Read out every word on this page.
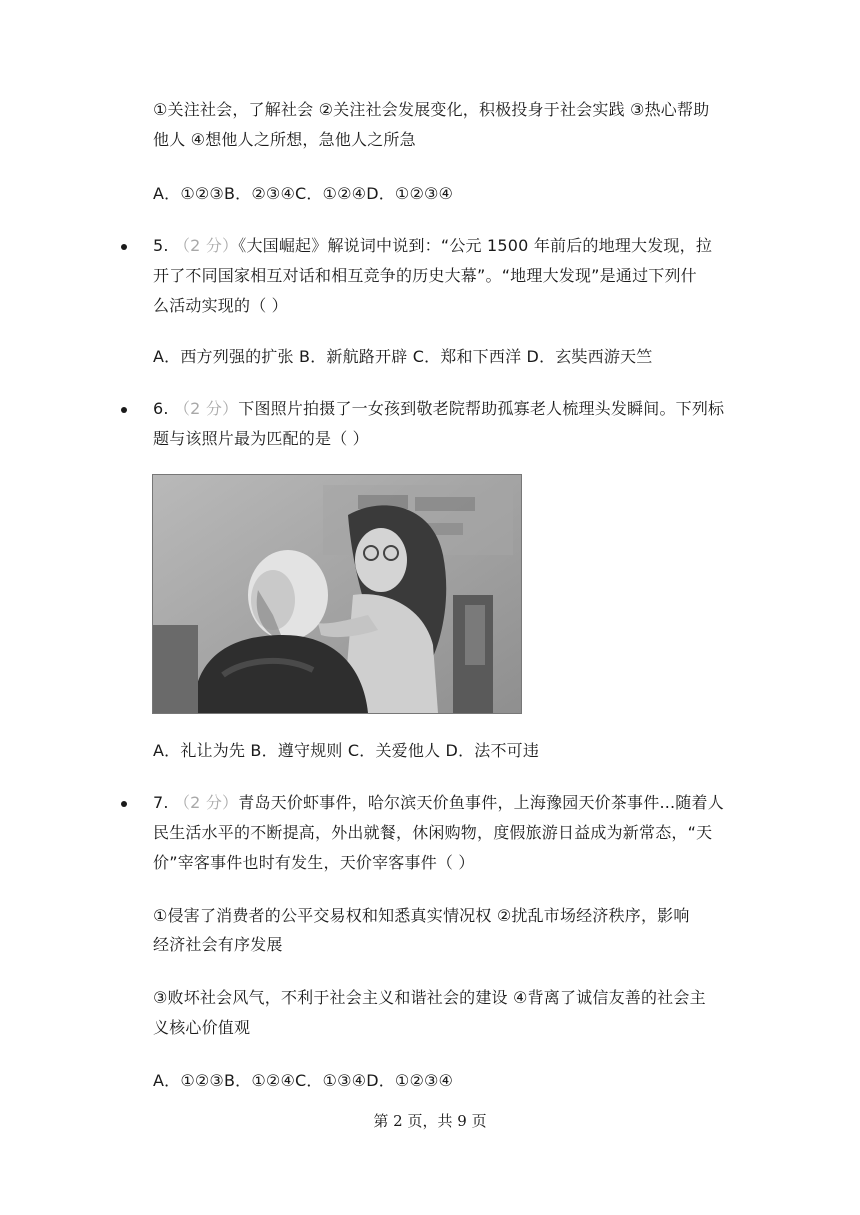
①关注社会，了解社会 ②关注社会发展变化，积极投身于社会实践 ③热心帮助
他人 ④想他人之所想，急他人之所急
A．①②③B．②③④C．①②④D．①②③④
5. （2 分）《大国崛起》解说词中说到：“公元 1500 年前后的地理大发现，拉
开了不同国家相互对话和相互竞争的历史大幕”。“地理大发现”是通过下列什
么活动实现的（ ）
A．西方列强的扩张 B．新航路开辟 C．郑和下西洋 D．玄奘西游天竺
6. （2 分）下图照片拍摄了一女孩到敬老院帮助孤寡老人梳理头发瞬间。下列标
题与该照片最为匹配的是（ ）
A．礼让为先 B．遵守规则 C．关爱他人 D．法不可违
7. （2 分）青岛天价虾事件，哈尔滨天价鱼事件，上海豫园天价茶事件...随着人
民生活水平的不断提高，外出就餐，休闲购物，度假旅游日益成为新常态，“天
价”宰客事件也时有发生，天价宰客事件（ ）
①侵害了消费者的公平交易权和知悉真实情况权 ②扰乱市场经济秩序，影响
经济社会有序发展
③败坏社会风气，不利于社会主义和谐社会的建设 ④背离了诚信友善的社会主
义核心价值观
A．①②③B．①②④C．①③④D．①②③④
第 2 页，共 9 页
